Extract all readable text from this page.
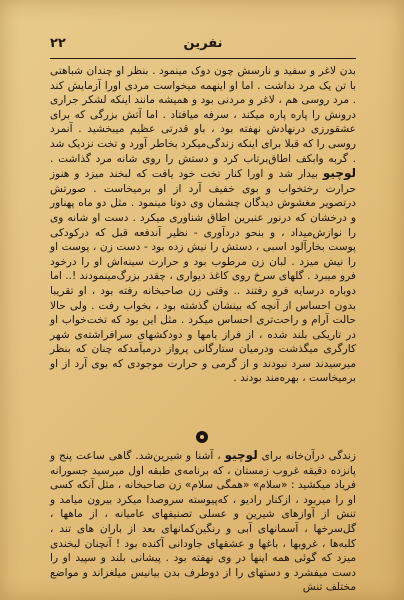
نفرین
۲۲

بدن لاغر و سفید و نارسش چون دوک مینمود . بنظر او چندان شباهتی با تن یک مرد نداشت . اما او اینهمه میخواست مردی اورا آزمایش کند . مرد روسی هم ، لاغر و مردنی بود و همیشه مانند اینکه لشکر جرارى درونش را پاره پاره میکند ، سرفه میافتاد . اما آتش بزرگی که برای عشقورزی درنهادش نهفته بود ، باو قدرتی عظیم میبخشید . آنمرد روسی را که قبلا برای اینکه زندگی‌میکرد بخاطر آورد و تخت نزدیک شد . گربه وابکف اطاق‌برتاب کرد و دستش را روی شانه مرد گذاشت . لوچیو بیدار شد و اورا کنار تخت خود یافت که لبخند میزد و هنوز حرارت رختخواب و بوی خفیف آرد از او برمیخاست . صورتش درتصویر مغشوش دیدگان چشمان وی دوتا مینمود . مثل دو ماه پهناور و درخشان که درنور عنبرین اطاق شناوری میکرد . دست او شانه وی را نوازش‌میداد ، و بنحو دردآوری - نظیر آندفعه قبل که درکودکی پوست بخارآلود اسبی ، دستش را نیش زده بود - دست زن ، پوست او را نیش میزد . لبان زن مرطوب بود و حرارت سینه‌اش او را درخود فرو میبرد . گلهای سرخ روی کاغذ دیواری ، چقدر بزرگ‌مینمودند !.. اما دوباره درسایه فرو رفتند .. وقتی زن صاحبخانه رفته بود ، او تقریبا بدون احساس از آنچه که بینشان گذشته بود ، بخواب رفت . ولی حالا حالت آرام و راحت‌تری احساس میکرد . مثل این بود که تخت‌خواب او در تاریکی بلند شده ، از فراز بامها و دودکشهای سرافراشته‌ی شهر کارگری میگذشت ودرمیان ستارگانی پرواز درمیآمد‌که چنان که بنظر میرسیدند سرد نبودند و از گرمی و حرارت موجودی که بوی آرد از او برمیخاست ، بهره‌مند بودند .

زندگی درآن‌خانه برای لوچیو ، آشنا و شیرین‌شد. گاهی ساعت پنج و پانزده دقیقه غروب زمستان ، که برنامه‌ی طبقه اول میرسید جسورانه فریاد میکشید : «سلام» «همگی سلام» زن صاحبخانه ، مثل آنکه کسی او را میربود ، ازکنار رادیو ، که‌پیوسته سروصدا میکرد بیرون میامد و تنش از آوازهای شیرین و عسلی تصنیفهای عامیانه ، از ماهها ، گل‌سرخها ، آسمانهای آبی و رنگین‌کمانهای بعد از باران های تند ، کلبه‌ها ، غروبها ، باغها و عشقهای جاودانی آکنده بود ! آنچنان لبخندی میزد که گوئی همه اینها در وی نهفته بود . پیشانی بلند و سپید او را دست میفشرد و دستهاى را از دوطرف بدن بیانیس میلغزاند و مواضع مختلف تنش
